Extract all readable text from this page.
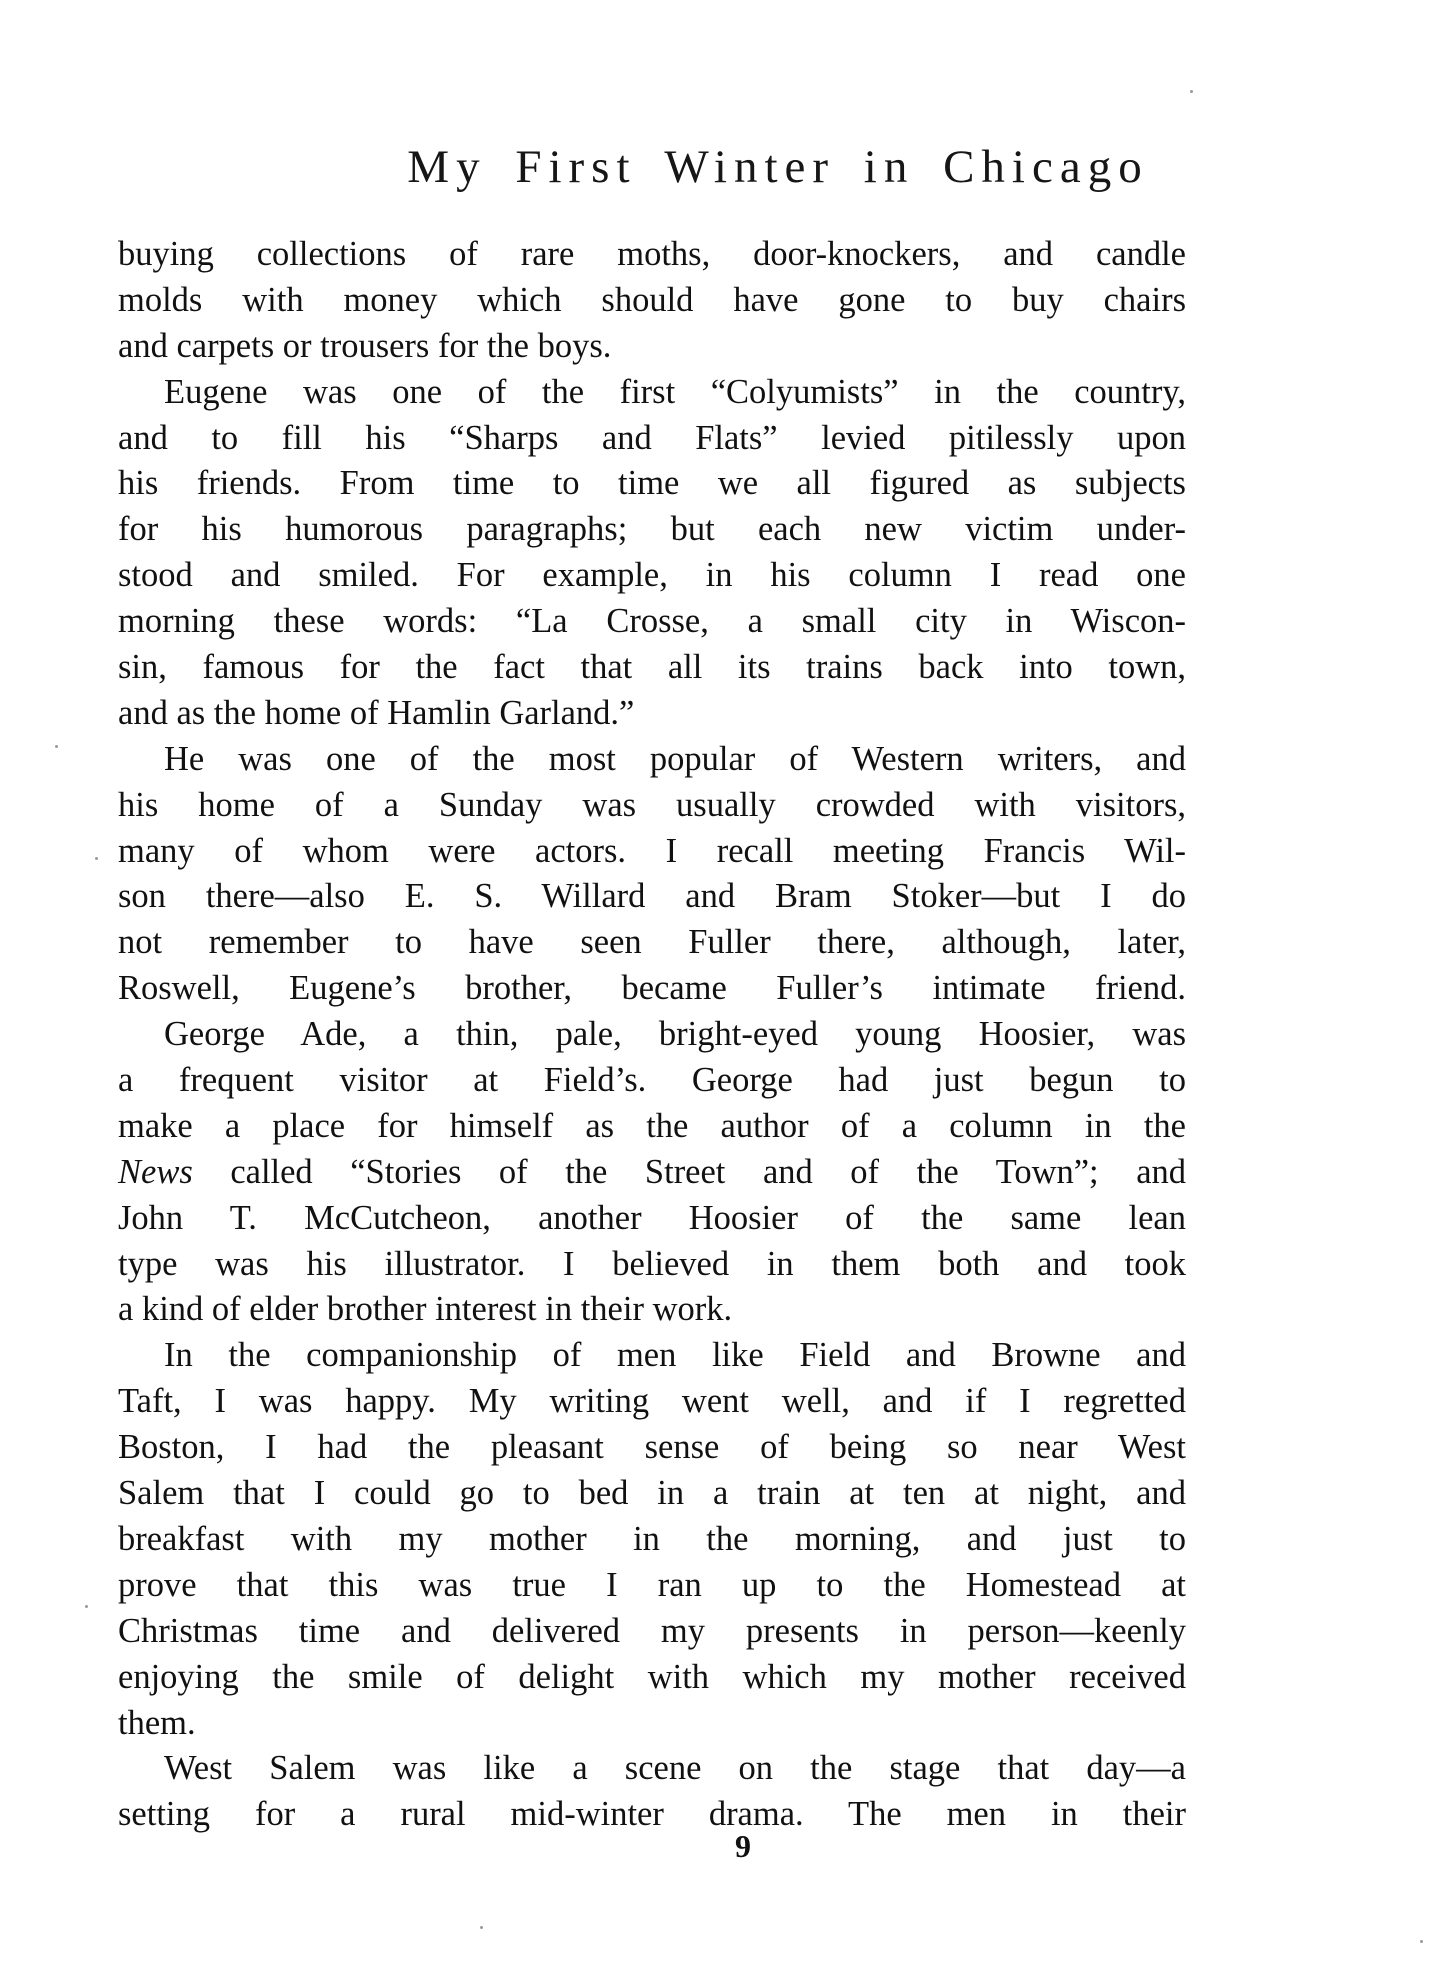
My First Winter in Chicago
buying collections of rare moths, door-knockers, and candle
molds with money which should have gone to buy chairs
and carpets or trousers for the boys.
Eugene was one of the first “Colyumists” in the country,
and to fill his “Sharps and Flats” levied pitilessly upon
his friends. From time to time we all figured as subjects
for his humorous paragraphs; but each new victim under-
stood and smiled. For example, in his column I read one
morning these words: “La Crosse, a small city in Wiscon-
sin, famous for the fact that all its trains back into town,
and as the home of Hamlin Garland.”
He was one of the most popular of Western writers, and
his home of a Sunday was usually crowded with visitors,
many of whom were actors. I recall meeting Francis Wil-
son there—also E. S. Willard and Bram Stoker—but I do
not remember to have seen Fuller there, although, later,
Roswell, Eugene’s brother, became Fuller’s intimate friend.
George Ade, a thin, pale, bright-eyed young Hoosier, was
a frequent visitor at Field’s. George had just begun to
make a place for himself as the author of a column in the
News called “Stories of the Street and of the Town”; and
John T. McCutcheon, another Hoosier of the same lean
type was his illustrator. I believed in them both and took
a kind of elder brother interest in their work.
In the companionship of men like Field and Browne and
Taft, I was happy. My writing went well, and if I regretted
Boston, I had the pleasant sense of being so near West
Salem that I could go to bed in a train at ten at night, and
breakfast with my mother in the morning, and just to
prove that this was true I ran up to the Homestead at
Christmas time and delivered my presents in person—keenly
enjoying the smile of delight with which my mother received
them.
West Salem was like a scene on the stage that day—a
setting for a rural mid-winter drama. The men in their
9
